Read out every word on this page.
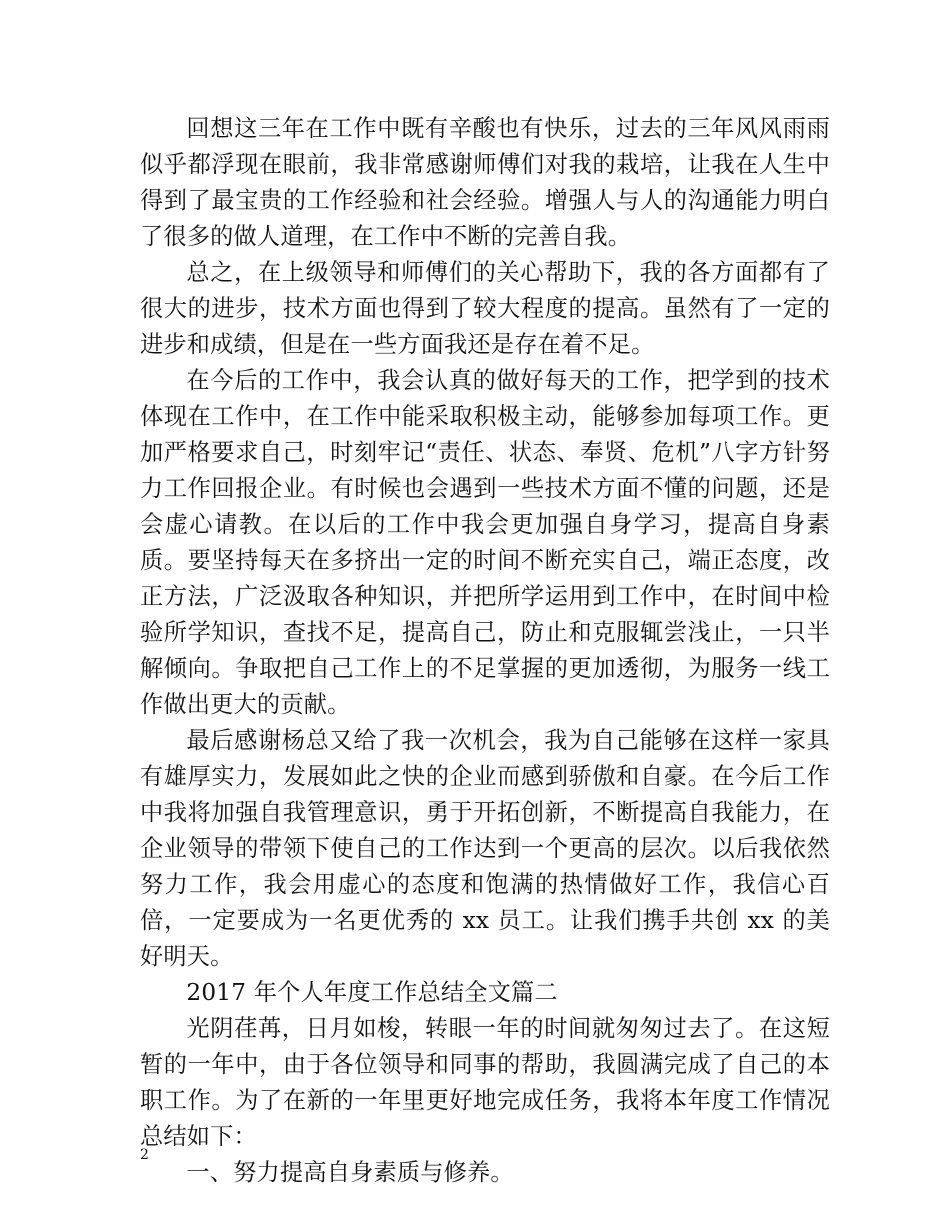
回想这三年在工作中既有辛酸也有快乐，过去的三年风风雨雨似乎都浮现在眼前，我非常感谢师傅们对我的栽培，让我在人生中得到了最宝贵的工作经验和社会经验。增强人与人的沟通能力明白了很多的做人道理，在工作中不断的完善自我。

总之，在上级领导和师傅们的关心帮助下，我的各方面都有了很大的进步，技术方面也得到了较大程度的提高。虽然有了一定的进步和成绩，但是在一些方面我还是存在着不足。

在今后的工作中，我会认真的做好每天的工作，把学到的技术体现在工作中，在工作中能采取积极主动，能够参加每项工作。更加严格要求自己，时刻牢记“责任、状态、奉贤、危机”八字方针努力工作回报企业。有时候也会遇到一些技术方面不懂的问题，还是会虚心请教。在以后的工作中我会更加强自身学习，提高自身素质。要坚持每天在多挤出一定的时间不断充实自己，端正态度，改正方法，广泛汲取各种知识，并把所学运用到工作中，在时间中检验所学知识，查找不足，提高自己，防止和克服辄尝浅止，一只半解倾向。争取把自己工作上的不足掌握的更加透彻，为服务一线工作做出更大的贡献。

最后感谢杨总又给了我一次机会，我为自己能够在这样一家具有雄厚实力，发展如此之快的企业而感到骄傲和自豪。在今后工作中我将加强自我管理意识，勇于开拓创新，不断提高自我能力，在企业领导的带领下使自己的工作达到一个更高的层次。以后我依然努力工作，我会用虚心的态度和饱满的热情做好工作，我信心百倍，一定要成为一名更优秀的 xx 员工。让我们携手共创 xx 的美好明天。

2017 年个人年度工作总结全文篇二

光阴荏苒，日月如梭，转眼一年的时间就匆匆过去了。在这短暂的一年中，由于各位领导和同事的帮助，我圆满完成了自己的本职工作。为了在新的一年里更好地完成任务，我将本年度工作情况总结如下：

一、努力提高自身素质与修养。

2
